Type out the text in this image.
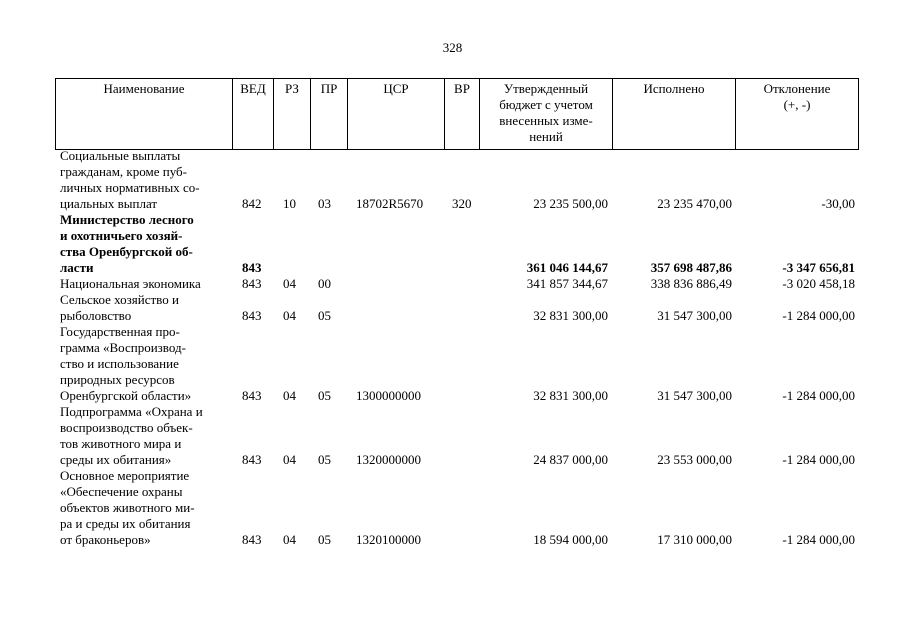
328
Наименование	ВЕД	РЗ	ПР	ЦСР	ВР	Утвержденный
бюджет с учетом
внесенных изме-
нений
	Исполнено	Отклонение
(+, -)
Социальные выплаты
гражданам, кроме пуб-
личных нормативных со-
циальных выплат	842 10 03 18702R5670 320	23 235 500,00	23 235 470,00	-30,00
Министерство лесного
и охотничьего хозяй-
ства Оренбургской об-
ласти	843	361 046 144,67	357 698 487,86	-3 347 656,81
Национальная экономика	843 04 00	341 857 344,67	338 836 886,49	-3 020 458,18
Сельское хозяйство и
рыболовство	843 04 05	32 831 300,00	31 547 300,00	-1 284 000,00
Государственная про-
грамма «Воспроизвод-
ство и использование
природных ресурсов
Оренбургской области»	843 04 05 1300000000	32 831 300,00	31 547 300,00	-1 284 000,00
Подпрограмма «Охрана и
воспроизводство объек-
тов животного мира и
среды их обитания»	843 04 05 1320000000	24 837 000,00	23 553 000,00	-1 284 000,00
Основное мероприятие
«Обеспечение охраны
объектов животного ми-
ра и среды их обитания
от браконьеров»	843 04 05 1320100000	18 594 000,00	17 310 000,00	-1 284 000,00
